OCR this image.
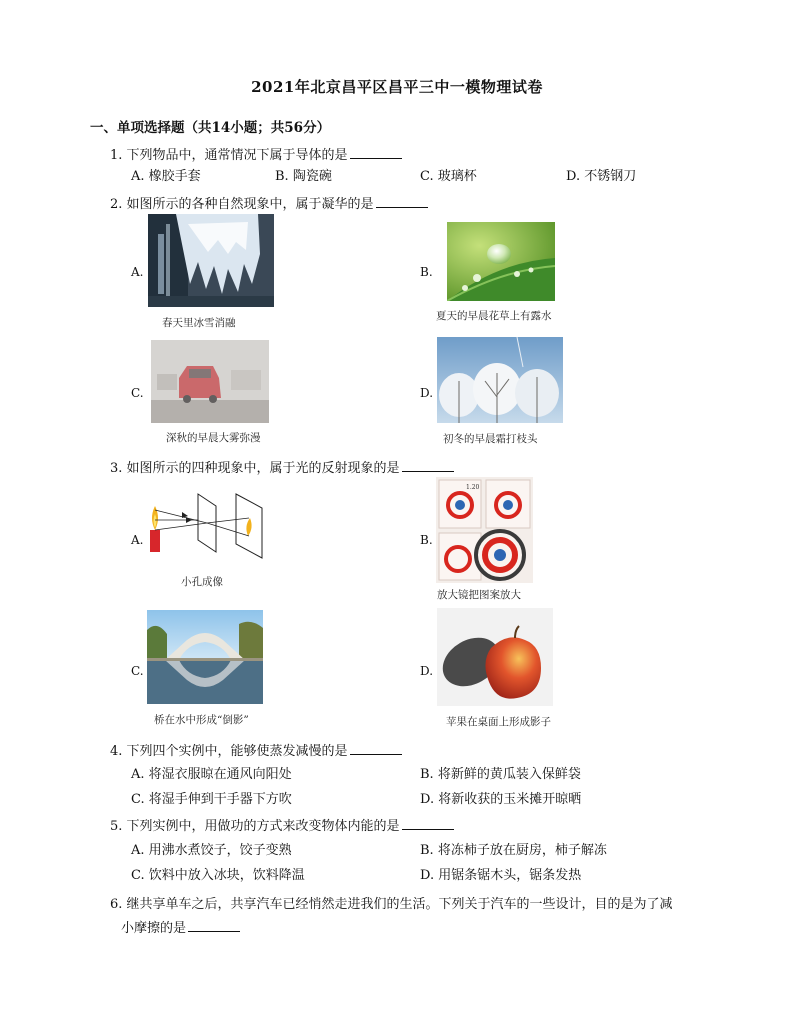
2021年北京昌平区昌平三中一模物理试卷
一、单项选择题（共14小题；共56分）
1. 下列物品中，通常情况下属于导体的是
A. 橡胶手套	B. 陶瓷碗	C. 玻璃杯	D. 不锈钢刀
2. 如图所示的各种自然现象中，属于凝华的是
A.
春天里冰雪消融
B.
夏天的早晨花草上有露水
C.
深秋的早晨大雾弥漫
D.
初冬的早晨霜打枝头
3. 如图所示的四种现象中，属于光的反射现象的是
A.
小孔成像
B.
1.20
放大镜把图案放大
C.
桥在水中形成“倒影”
D.
苹果在桌面上形成影子
4. 下列四个实例中，能够使蒸发减慢的是
A. 将湿衣服晾在通风向阳处	B. 将新鲜的黄瓜装入保鲜袋
C. 将湿手伸到干手器下方吹	D. 将新收获的玉米摊开晾晒
5. 下列实例中，用做功的方式来改变物体内能的是
A. 用沸水煮饺子，饺子变熟	B. 将冻柿子放在厨房，柿子解冻
C. 饮料中放入冰块，饮料降温	D. 用锯条锯木头，锯条发热
6. 继共享单车之后，共享汽车已经悄然走进我们的生活。下列关于汽车的一些设计，目的是为了减
小摩擦的是
